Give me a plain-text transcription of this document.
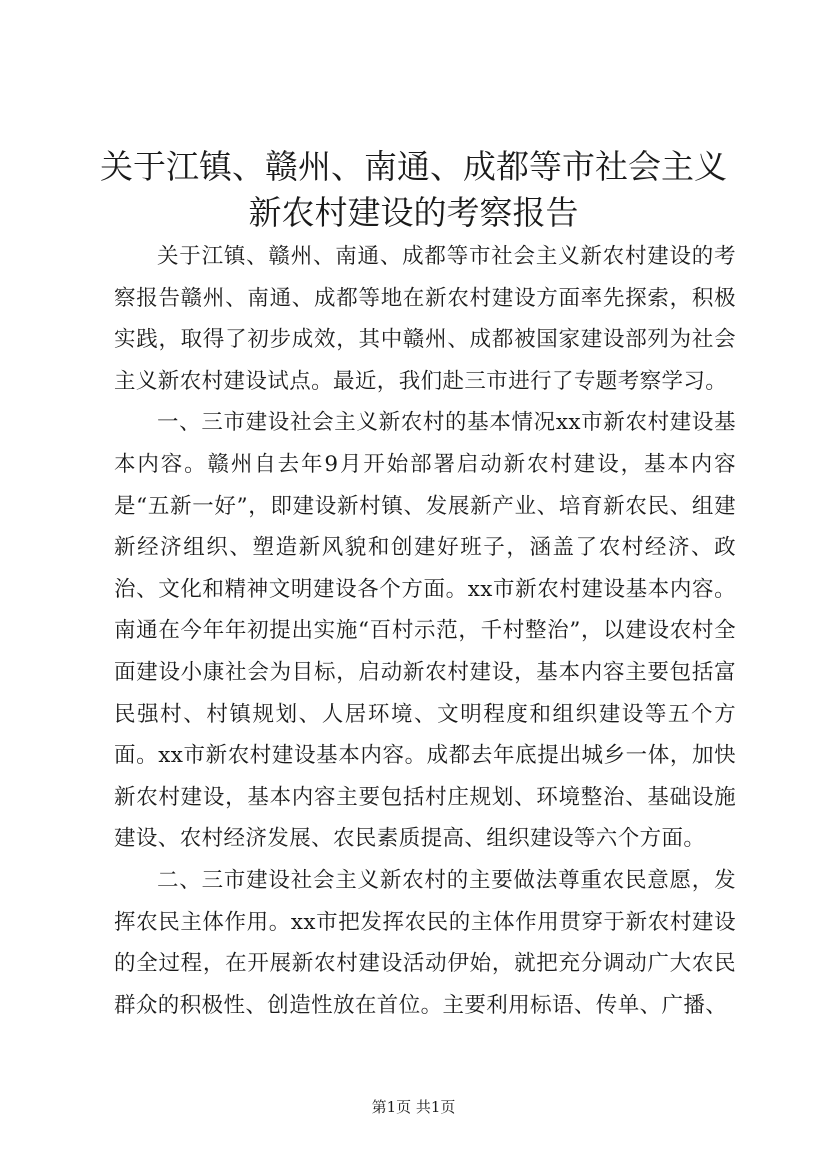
关于江镇、赣州、南通、成都等市社会主义新农村建设的考察报告

关于江镇、赣州、南通、成都等市社会主义新农村建设的考察报告赣州、南通、成都等地在新农村建设方面率先探索，积极实践，取得了初步成效，其中赣州、成都被国家建设部列为社会主义新农村建设试点。最近，我们赴三市进行了专题考察学习。

一、三市建设社会主义新农村的基本情况xx市新农村建设基本内容。赣州自去年9月开始部署启动新农村建设，基本内容是“五新一好”，即建设新村镇、发展新产业、培育新农民、组建新经济组织、塑造新风貌和创建好班子，涵盖了农村经济、政治、文化和精神文明建设各个方面。xx市新农村建设基本内容。南通在今年年初提出实施“百村示范，千村整治”，以建设农村全面建设小康社会为目标，启动新农村建设，基本内容主要包括富民强村、村镇规划、人居环境、文明程度和组织建设等五个方面。xx市新农村建设基本内容。成都去年底提出城乡一体，加快新农村建设，基本内容主要包括村庄规划、环境整治、基础设施建设、农村经济发展、农民素质提高、组织建设等六个方面。

二、三市建设社会主义新农村的主要做法尊重农民意愿，发挥农民主体作用。xx市把发挥农民的主体作用贯穿于新农村建设的全过程，在开展新农村建设活动伊始，就把充分调动广大农民群众的积极性、创造性放在首位。主要利用标语、传单、广播、

第1页 共1页
